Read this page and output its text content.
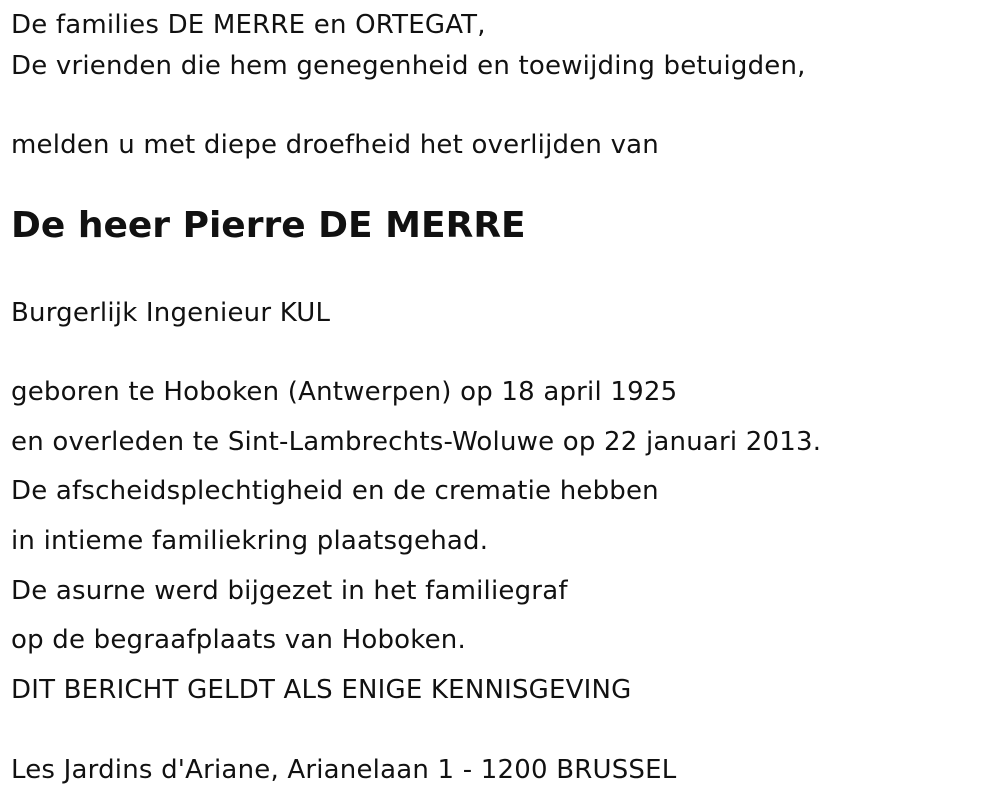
De families DE MERRE en ORTEGAT,
De vrienden die hem genegenheid en toewijding betuigden,
melden u met diepe droefheid het overlijden van
De heer Pierre DE MERRE
Burgerlijk Ingenieur KUL
geboren te Hoboken (Antwerpen) op 18 april 1925
en overleden te Sint-Lambrechts-Woluwe op 22 januari 2013.
De afscheidsplechtigheid en de crematie hebben
in intieme familiekring plaatsgehad.
De asurne werd bijgezet in het familiegraf
op de begraafplaats van Hoboken.
DIT BERICHT GELDT ALS ENIGE KENNISGEVING
Les Jardins d'Ariane, Arianelaan 1 - 1200 BRUSSEL
